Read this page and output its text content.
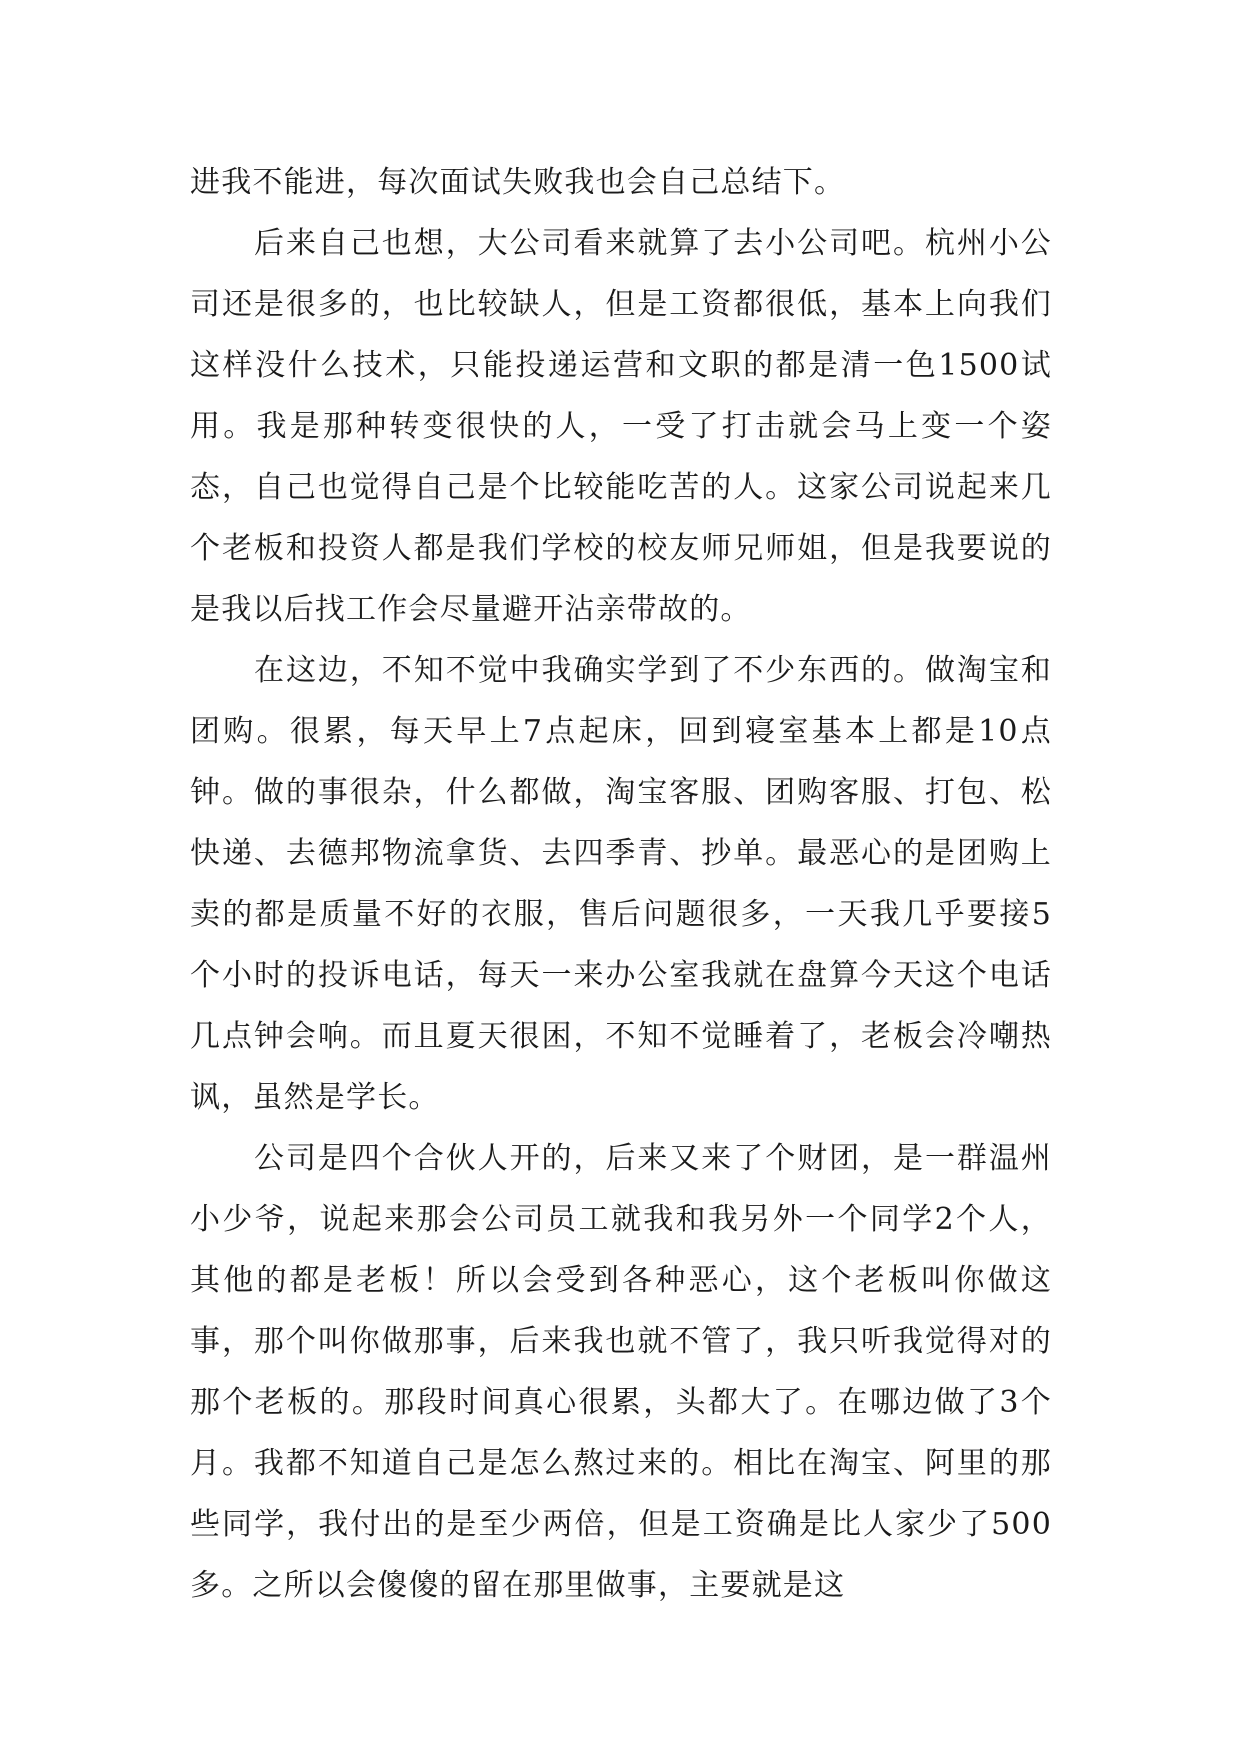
进我不能进，每次面试失败我也会自己总结下。

后来自己也想，大公司看来就算了去小公司吧。杭州小公司还是很多的，也比较缺人，但是工资都很低，基本上向我们这样没什么技术，只能投递运营和文职的都是清一色1500试用。我是那种转变很快的人，一受了打击就会马上变一个姿态，自己也觉得自己是个比较能吃苦的人。这家公司说起来几个老板和投资人都是我们学校的校友师兄师姐，但是我要说的是我以后找工作会尽量避开沾亲带故的。

在这边，不知不觉中我确实学到了不少东西的。做淘宝和团购。很累，每天早上7点起床，回到寝室基本上都是10点钟。做的事很杂，什么都做，淘宝客服、团购客服、打包、松快递、去德邦物流拿货、去四季青、抄单。最恶心的是团购上卖的都是质量不好的衣服，售后问题很多，一天我几乎要接5个小时的投诉电话，每天一来办公室我就在盘算今天这个电话几点钟会响。而且夏天很困，不知不觉睡着了，老板会冷嘲热讽，虽然是学长。

公司是四个合伙人开的，后来又来了个财团，是一群温州小少爷，说起来那会公司员工就我和我另外一个同学2个人，其他的都是老板！所以会受到各种恶心，这个老板叫你做这事，那个叫你做那事，后来我也就不管了，我只听我觉得对的那个老板的。那段时间真心很累，头都大了。在哪边做了3个月。我都不知道自己是怎么熬过来的。相比在淘宝、阿里的那些同学，我付出的是至少两倍，但是工资确是比人家少了500多。之所以会傻傻的留在那里做事，主要就是这
